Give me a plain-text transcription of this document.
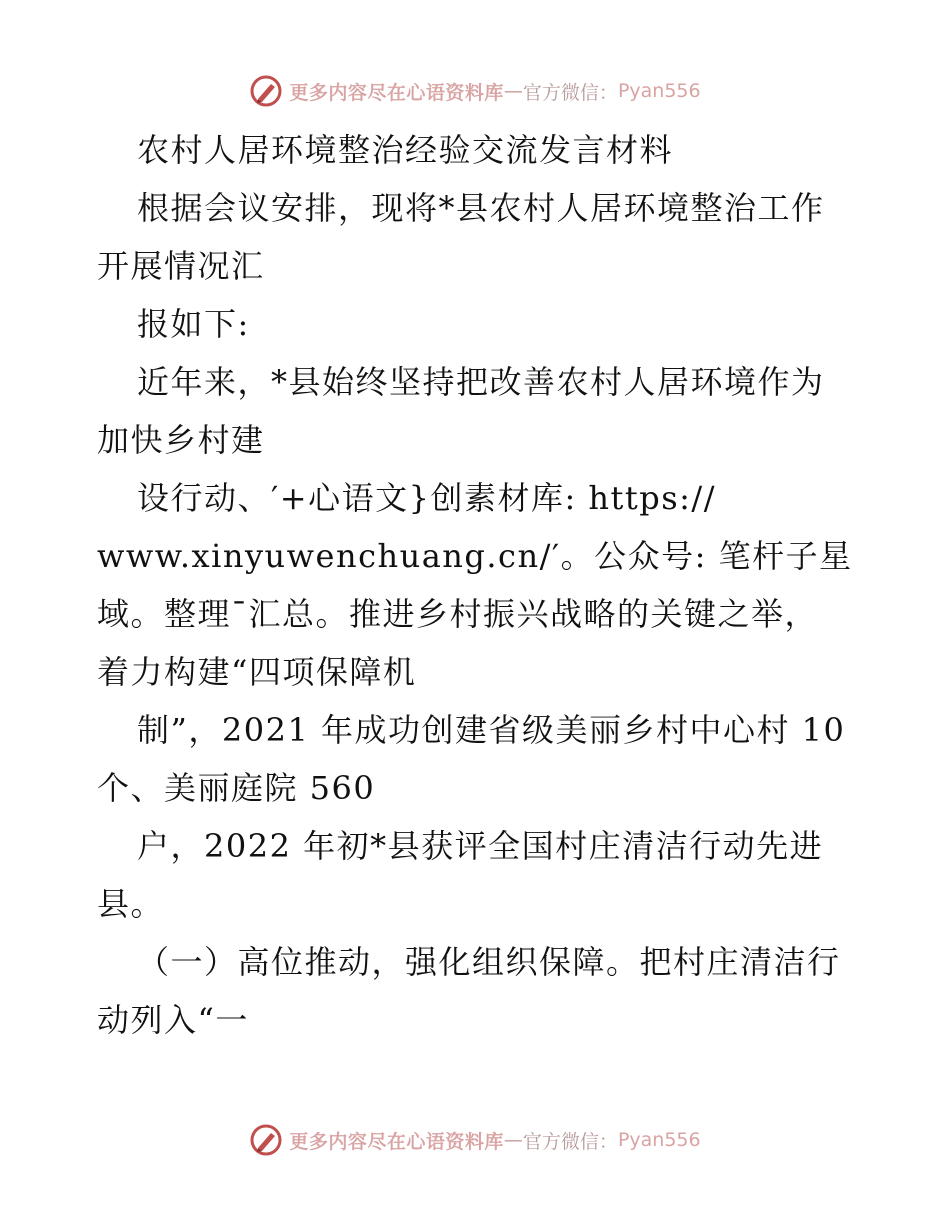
更多内容尽在心语资料库 — 官方微信： Pyan556
农村人居环境整治经验交流发言材料
根据会议安排，现将*县农村人居环境整治工作
开展情况汇
报如下:
近年来，*县始终坚持把改善农村人居环境作为
加快乡村建
设行动、′+心语文}创素材库: https://
www.xinyuwenchuang.cn/′。公众号: 笔杆子星
域。整理¯汇总。推进乡村振兴战略的关键之举，
着力构建“四项保障机
制”，2021 年成功创建省级美丽乡村中心村 10
个、美丽庭院 560
户，2022 年初*县获评全国村庄清洁行动先进
县。
（一）高位推动，强化组织保障。把村庄清洁行
动列入“一
更多内容尽在心语资料库 — 官方微信： Pyan556
